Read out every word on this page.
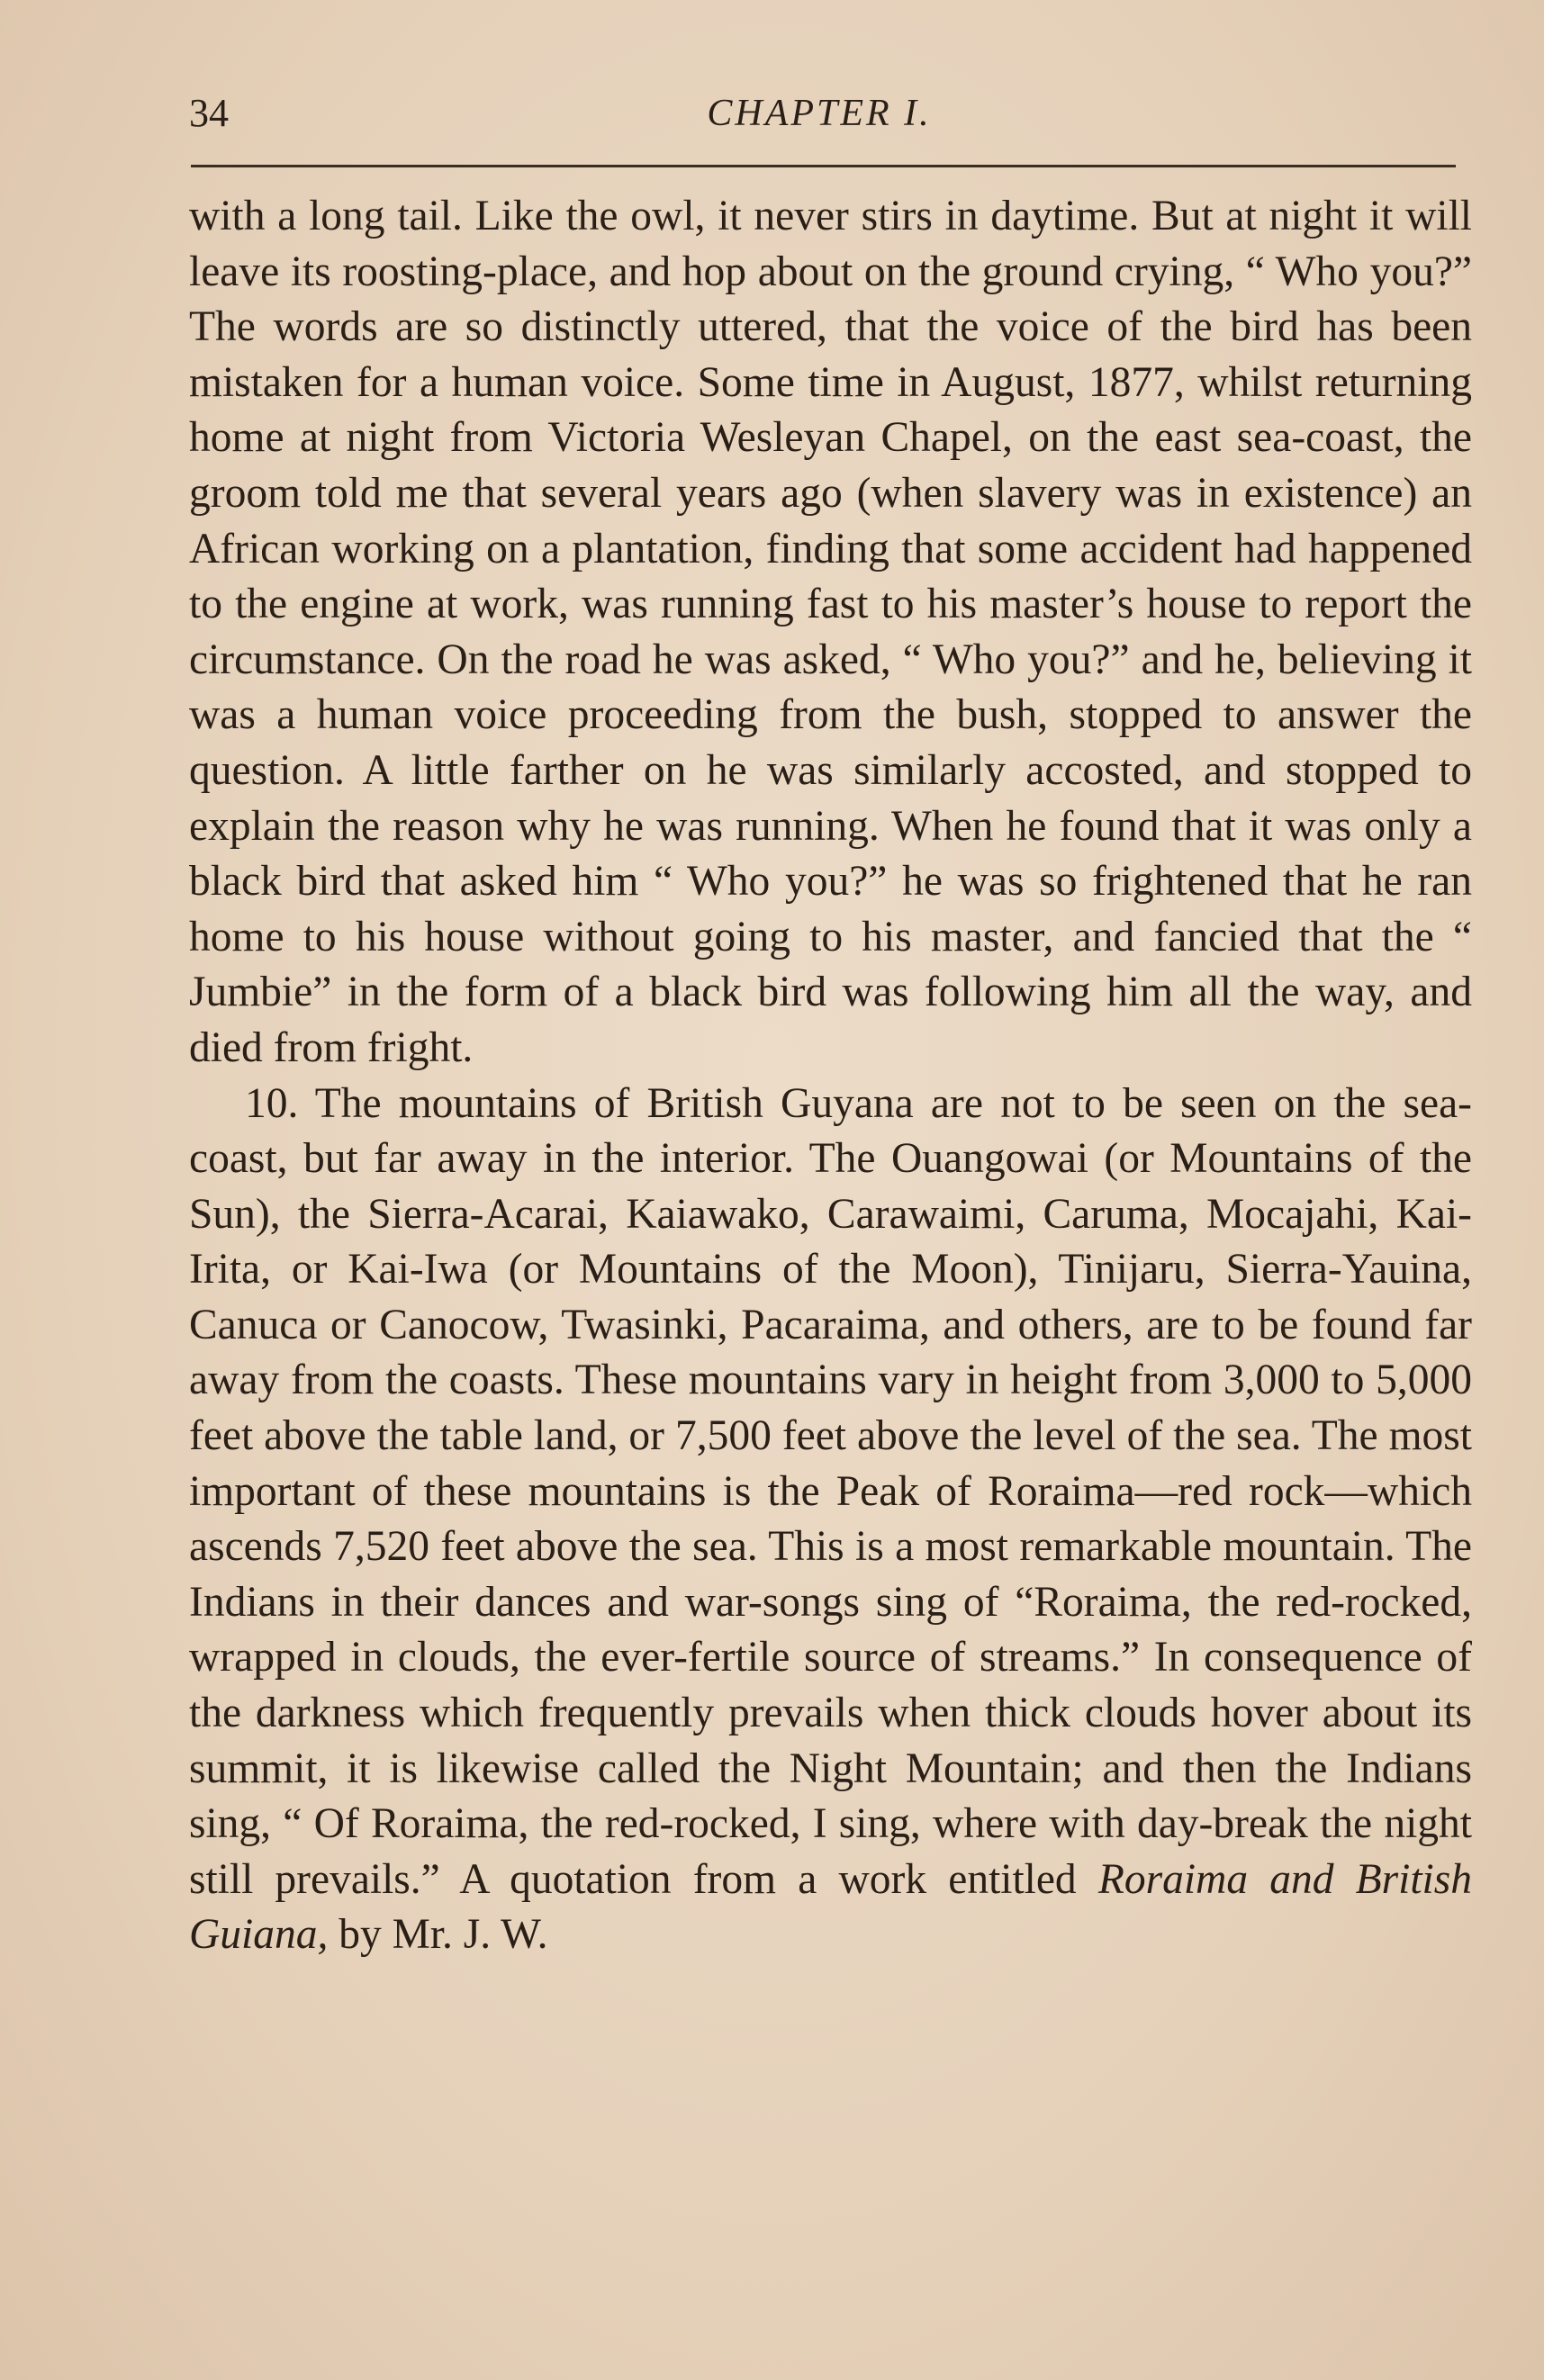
34	CHAPTER I.

with a long tail. Like the owl, it never stirs in daytime. But at night it will leave its roosting-place, and hop about on the ground crying, “ Who you?” The words are so distinctly uttered, that the voice of the bird has been mistaken for a human voice. Some time in August, 1877, whilst returning home at night from Victoria Wesleyan Chapel, on the east sea-coast, the groom told me that several years ago (when slavery was in existence) an African working on a plantation, finding that some accident had happened to the engine at work, was running fast to his master’s house to report the circumstance. On the road he was asked, “ Who you?” and he, believing it was a human voice proceeding from the bush, stopped to answer the question. A little farther on he was similarly accosted, and stopped to explain the reason why he was running. When he found that it was only a black bird that asked him “ Who you?” he was so frightened that he ran home to his house without going to his master, and fancied that the “ Jumbie” in the form of a black bird was following him all the way, and died from fright.

10. The mountains of British Guyana are not to be seen on the sea-coast, but far away in the interior. The Ouangowai (or Mountains of the Sun), the Sierra-Acarai, Kaiawako, Carawaimi, Caruma, Mocajahi, Kai-Irita, or Kai-Iwa (or Mountains of the Moon), Tinijaru, Sierra-Yauina, Canuca or Canocow, Twasinki, Pacaraima, and others, are to be found far away from the coasts. These mountains vary in height from 3,000 to 5,000 feet above the table land, or 7,500 feet above the level of the sea. The most important of these mountains is the Peak of Roraima—red rock—which ascends 7,520 feet above the sea. This is a most remarkable mountain. The Indians in their dances and war-songs sing of “Roraima, the red-rocked, wrapped in clouds, the ever-fertile source of streams.” In consequence of the darkness which frequently prevails when thick clouds hover about its summit, it is likewise called the Night Mountain; and then the Indians sing, “ Of Roraima, the red-rocked, I sing, where with day-break the night still prevails.” A quotation from a work entitled Roraima and British Guiana, by Mr. J. W.
